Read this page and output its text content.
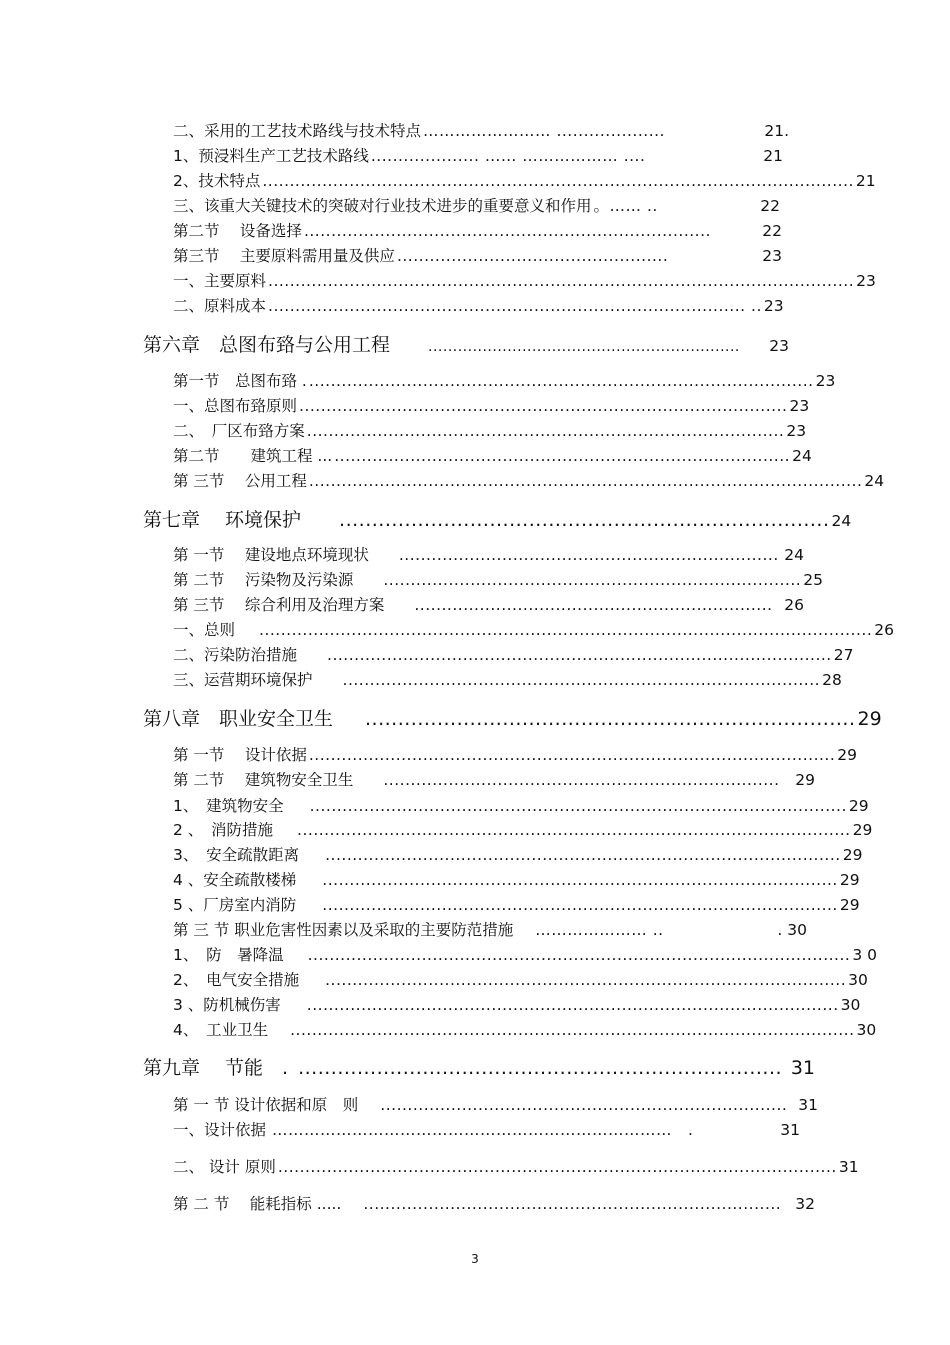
二、采用的工艺技术路线与技术特点 …………………… ....................	21.
1、预浸料生产工艺技术路线 .................... …… ……………… ....	21
2、技术特点 ............................................................................................................. 21
三、该重大关键技术的突破对行业技术进步的重要意义和作用 。…… ..	22
第二节　 设备选择 ...........................................................................	22
第三节　 主要原料需用量及供应 ..................................................	23
一、主要原料 ............................................................................................................ 23
二、原料成本 ........................................................................................ .. 23
第六章　总图布臵与公用工程	...............................................................	23
第一节　总图布臵 . ............................................................................................. 23
一、总图布臵原则 .......................................................................................... 23
二、　厂区布臵方案 ........................................................................................ 23
第二节　　建筑工程 ... .................................................................................... 24
第 三节　 公用工程 ...................................................................................................... 24
第七章　 环境保护 ........................................................................... 24
第 一节　 建设地点环境现状 ...................................................................... 24
第 二节　 污染物及污染源 ............................................................................. 25
第 三节　 综合利用及治理方案 .................................................................. 26
一、总则 ................................................................................................................. 26
二、污染防治措施 ............................................................................................. 27
三、运营期环境保护 ........................................................................................ 28
第八章　职业安全卫生 ........................................................................... 29
第 一节　 设计依据 ................................................................................................. 29
第 二节　 建筑物安全卫生 .........................................................................	29
1、　建筑物安全 ................................................................................................... 29
2 、　消防措施 ...................................................................................................... 29
3、　安全疏散距离 ............................................................................................... 29
4 、安全疏散楼梯 ............................................................................................... 29
5 、厂房室内消防 ............................................................................................... 29
第 三 节 职业危害性因素以及采取的主要防范措施 ………………… ..	. 30
1、　防　暑降温 .................................................................................................... 3 0
2、　电气安全措施 ................................................................................................ 30
3 、防机械伤害 .................................................................................................. 30
4、　工业卫生 ........................................................................................................ 30
第九章　 节能　. .......................................................................... 31
第 一 节 设计依据和原　则 ........................................................................... 31
一、设计依据 …………………………………………………………………　.	31
二、 设计 原则 ....................................................................................................... 31
第 二 节　 能耗指标 ..... ............................................................................. 32
3
